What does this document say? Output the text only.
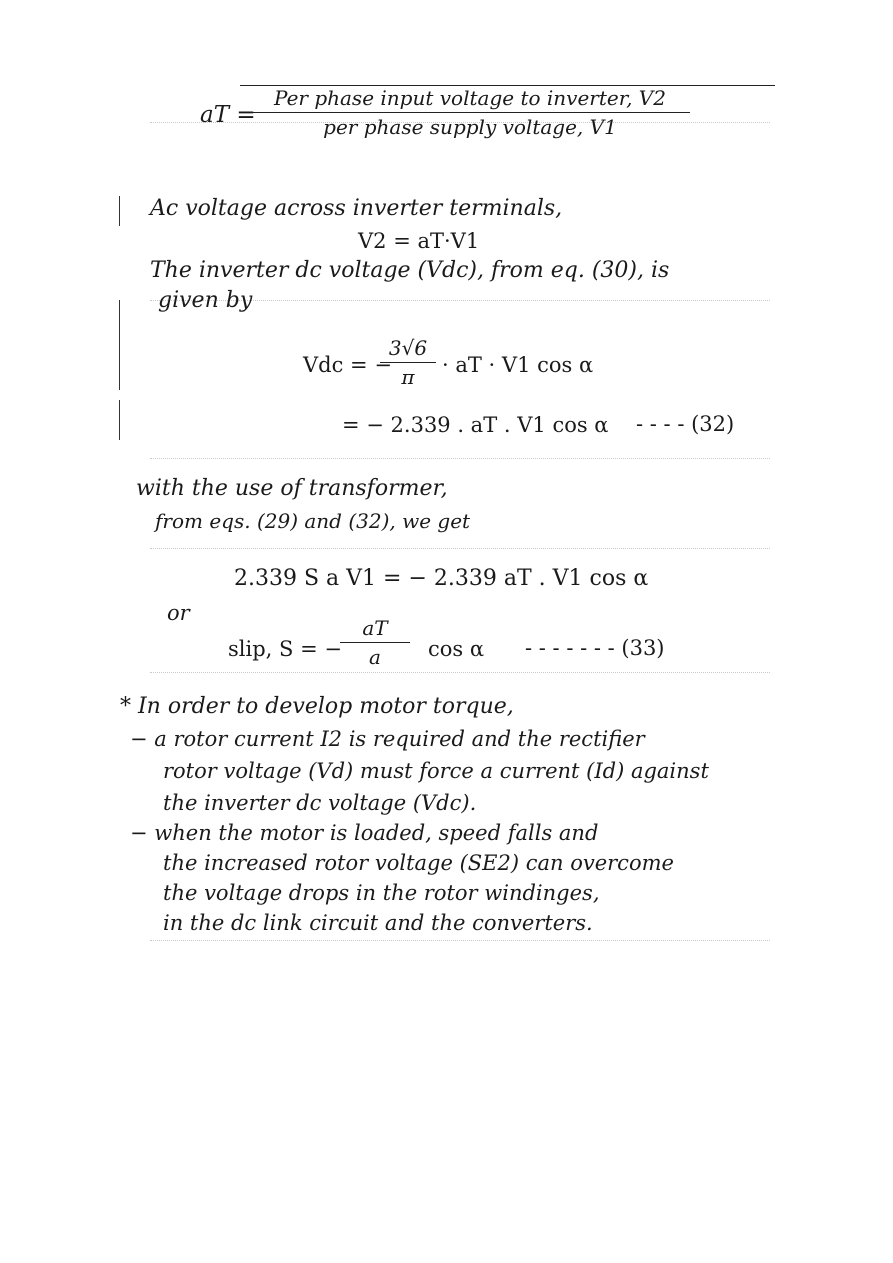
aT =
Per phase input voltage to inverter, V2
per phase supply voltage, V1
Ac voltage across inverter terminals,
V2 = aT·V1
The inverter dc voltage (Vdc), from eq. (30), is
given by
Vdc = −
3√6
π	· aT · V1 cos α
= − 2.339 . aT . V1 cos α - - - - (32)
with the use of transformer,
from eqs. (29) and (32), we get
2.339 S a V1 = − 2.339 aT . V1 cos α
or
slip, S = −
aT
a	cos α - - - - - - - (33)
* In order to develop motor torque,
− a rotor current I2 is required and the rectifier
rotor voltage (Vd) must force a current (Id) against
the inverter dc voltage (Vdc).
− when the motor is loaded, speed falls and
the increased rotor voltage (SE2) can overcome
the voltage drops in the rotor windinges,
in the dc link circuit and the converters.
